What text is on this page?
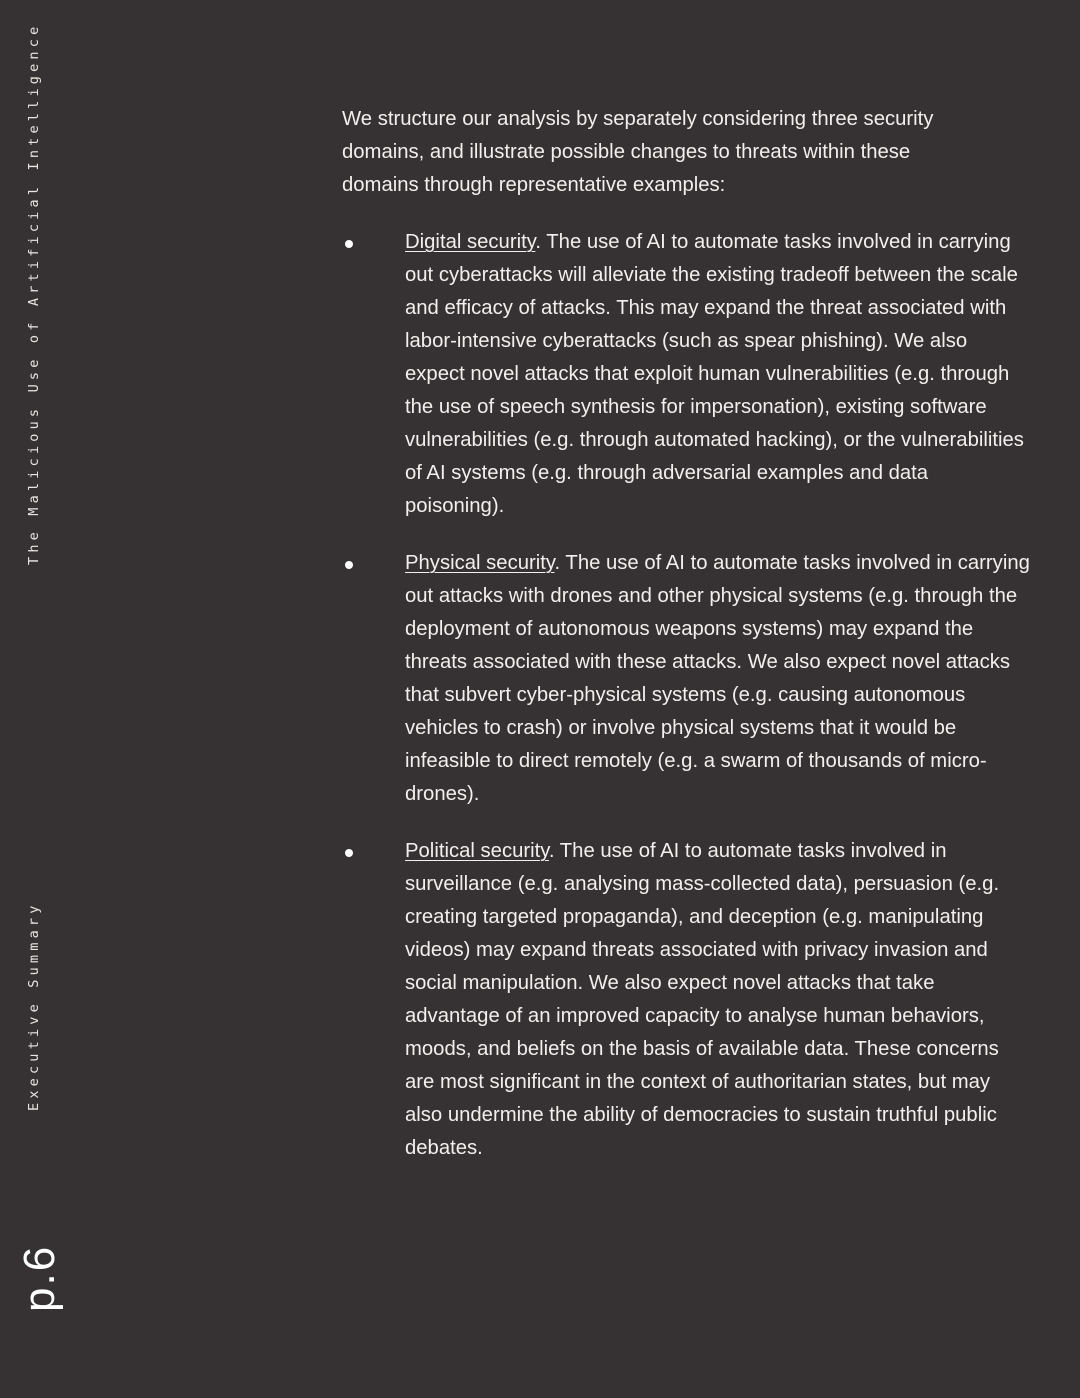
The Malicious Use of Artificial Intelligence
Executive Summary
p.6

We structure our analysis by separately considering three security domains, and illustrate possible changes to threats within these domains through representative examples:

Digital security. The use of AI to automate tasks involved in carrying out cyberattacks will alleviate the existing tradeoff between the scale and efficacy of attacks. This may expand the threat associated with labor-intensive cyberattacks (such as spear phishing). We also expect novel attacks that exploit human vulnerabilities (e.g. through the use of speech synthesis for impersonation), existing software vulnerabilities (e.g. through automated hacking), or the vulnerabilities of AI systems (e.g. through adversarial examples and data poisoning).

Physical security. The use of AI to automate tasks involved in carrying out attacks with drones and other physical systems (e.g. through the deployment of autonomous weapons systems) may expand the threats associated with these attacks. We also expect novel attacks that subvert cyber-physical systems (e.g. causing autonomous vehicles to crash) or involve physical systems that it would be infeasible to direct remotely (e.g. a swarm of thousands of micro-drones).

Political security. The use of AI to automate tasks involved in surveillance (e.g. analysing mass-collected data), persuasion (e.g. creating targeted propaganda), and deception (e.g. manipulating videos) may expand threats associated with privacy invasion and social manipulation. We also expect novel attacks that take advantage of an improved capacity to analyse human behaviors, moods, and beliefs on the basis of available data. These concerns are most significant in the context of authoritarian states, but may also undermine the ability of democracies to sustain truthful public debates.
